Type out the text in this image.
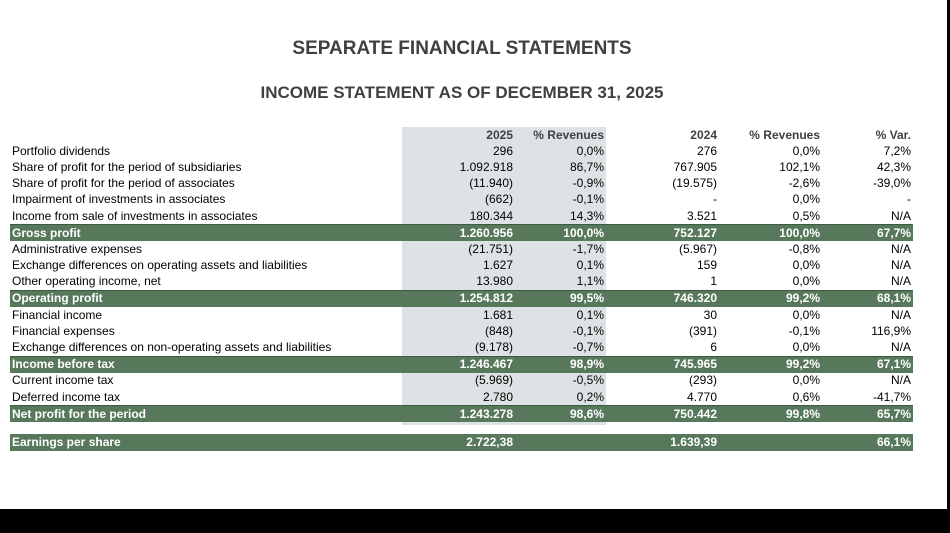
SEPARATE FINANCIAL STATEMENTS
INCOME STATEMENT AS OF DECEMBER 31, 2025
	2025	% Revenues	2024	% Revenues	% Var.
Portfolio dividends	296	0,0%	276	0,0%	7,2%
Share of profit for the period of subsidiaries	1.092.918	86,7%	767.905	102,1%	42,3%
Share of profit for the period of associates	(11.940)	-0,9%	(19.575)	-2,6%	-39,0%
Impairment of investments in associates	(662)	-0,1%	-	0,0%	-
Income from sale of investments in associates	180.344	14,3%	3.521	0,5%	N/A
Gross profit	1.260.956	100,0%	752.127	100,0%	67,7%
Administrative expenses	(21.751)	-1,7%	(5.967)	-0,8%	N/A
Exchange differences on operating assets and liabilities	1.627	0,1%	159	0,0%	N/A
Other operating income, net	13.980	1,1%	1	0,0%	N/A
Operating profit	1.254.812	99,5%	746.320	99,2%	68,1%
Financial income	1.681	0,1%	30	0,0%	N/A
Financial expenses	(848)	-0,1%	(391)	-0,1%	116,9%
Exchange differences on non-operating assets and liabilities	(9.178)	-0,7%	6	0,0%	N/A
Income before tax	1.246.467	98,9%	745.965	99,2%	67,1%
Current income tax	(5.969)	-0,5%	(293)	0,0%	N/A
Deferred income tax	2.780	0,2%	4.770	0,6%	-41,7%
Net profit for the period	1.243.278	98,6%	750.442	99,8%	65,7%

Earnings per share	2.722,38		1.639,39		66,1%
